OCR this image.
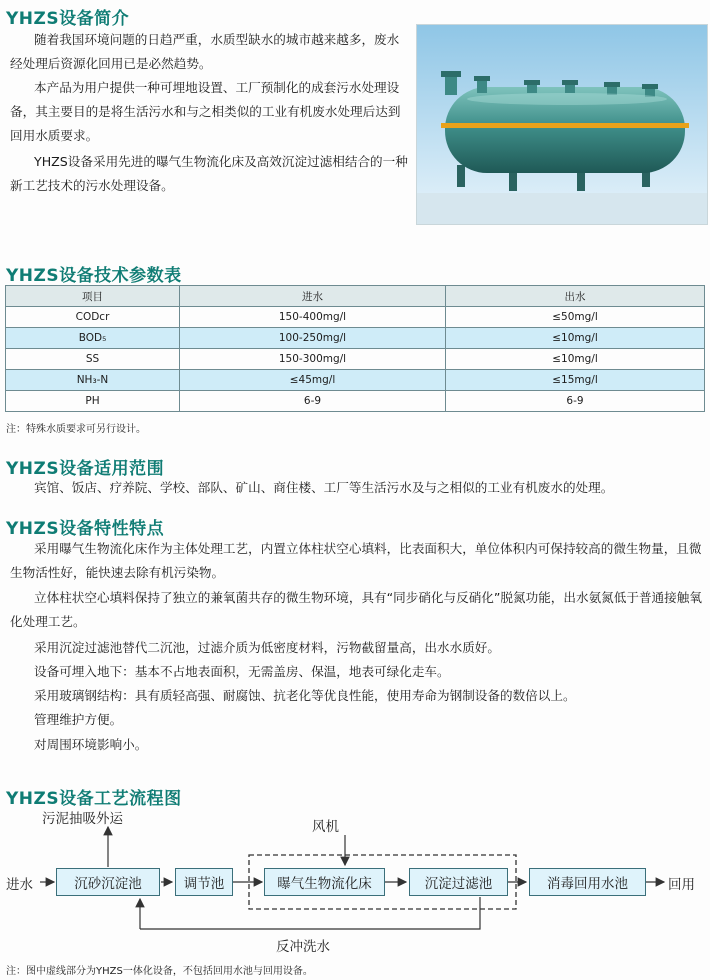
YHZS设备简介

随着我国环境问题的日趋严重，水质型缺水的城市越来越多，废水经处理后资源化回用已是必然趋势。

本产品为用户提供一种可埋地设置、工厂预制化的成套污水处理设备，其主要目的是将生活污水和与之相类似的工业有机废水处理后达到回用水质要求。

YHZS设备采用先进的曝气生物流化床及高效沉淀过滤相结合的一种新工艺技术的污水处理设备。

YHZS设备技术参数表
项目	进水	出水
CODcr	150-400mg/l	≤50mg/l
BOD₅	100-250mg/l	≤10mg/l
SS	150-300mg/l	≤10mg/l
NH₃-N	≤45mg/l	≤15mg/l
PH	6-9	6-9

注：特殊水质要求可另行设计。

YHZS设备适用范围

宾馆、饭店、疗养院、学校、部队、矿山、商住楼、工厂等生活污水及与之相似的工业有机废水的处理。

YHZS设备特性特点

采用曝气生物流化床作为主体处理工艺，内置立体柱状空心填料，比表面积大，单位体积内可保持较高的微生物量，且微生物活性好，能快速去除有机污染物。

立体柱状空心填料保持了独立的兼氧菌共存的微生物环境，具有“同步硝化与反硝化”脱氮功能，出水氨氮低于普通接触氧化处理工艺。

采用沉淀过滤池替代二沉池，过滤介质为低密度材料，污物截留量高，出水水质好。

设备可埋入地下：基本不占地表面积，无需盖房、保温，地表可绿化走车。

采用玻璃钢结构：具有质轻高强、耐腐蚀、抗老化等优良性能，使用寿命为钢制设备的数倍以上。

管理维护方便。

对周围环境影响小。

YHZS设备工艺流程图
进水
污泥抽吸外运	风机
反冲洗水
回用
沉砂沉淀池	调节池	曝气生物流化床	沉淀过滤池	消毒回用水池

注：图中虚线部分为YHZS一体化设备，不包括回用水池与回用设备。
